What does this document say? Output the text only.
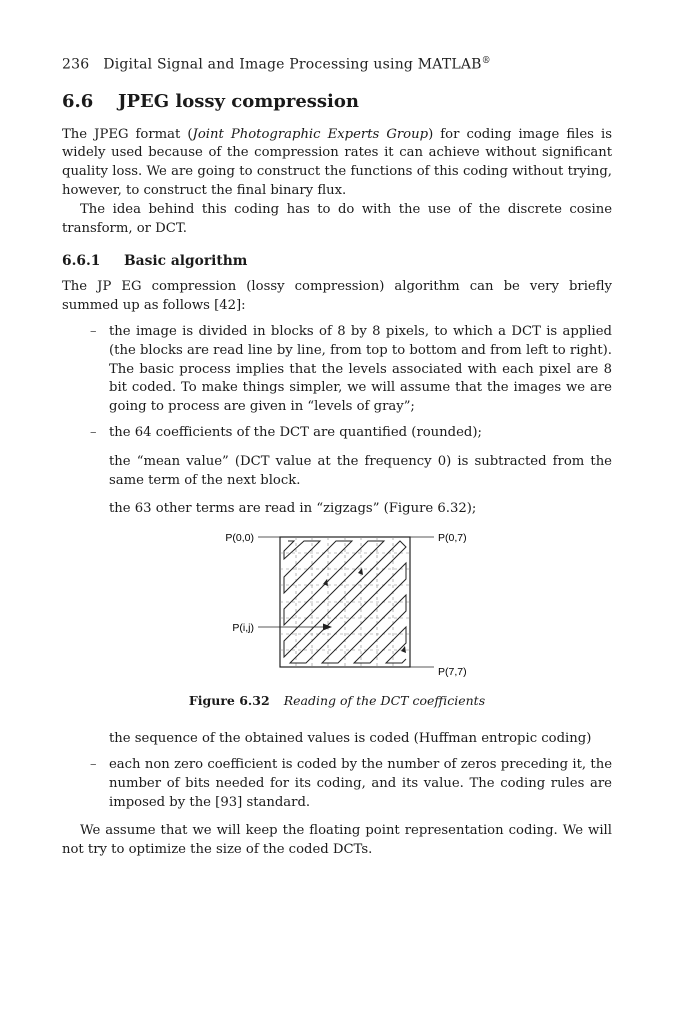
236 Digital Signal and Image Processing using MATLAB®
6.6 JPEG lossy compression

The JPEG format (Joint Photographic Experts Group) for coding image files is widely used because of the compression rates it can achieve without significant quality loss. We are going to construct the functions of this coding without trying, however, to construct the final binary flux.

The idea behind this coding has to do with the use of the discrete cosine transform, or DCT.

6.6.1 Basic algorithm

The JP EG compression (lossy compression) algorithm can be very briefly summed up as follows [42]:

– the image is divided in blocks of 8 by 8 pixels, to which a DCT is applied (the blocks are read line by line, from top to bottom and from left to right). The basic process implies that the levels associated with each pixel are 8 bit coded. To make things simpler, we will assume that the images we are going to process are given in “levels of gray”;

– the 64 coefficients of the DCT are quantified (rounded);

the “mean value” (DCT value at the frequency 0) is subtracted from the same term of the next block.

the 63 other terms are read in “zigzags” (Figure 6.32);

P(0,0)	P(0,7)
P(i,j)
P(7,7)
Figure 6.32 Reading of the DCT coefficients

the sequence of the obtained values is coded (Huffman entropic coding)

– each non zero coefficient is coded by the number of zeros preceding it, the number of bits needed for its coding, and its value. The coding rules are imposed by the [93] standard.

We assume that we will keep the floating point representation coding. We will not try to optimize the size of the coded DCTs.
